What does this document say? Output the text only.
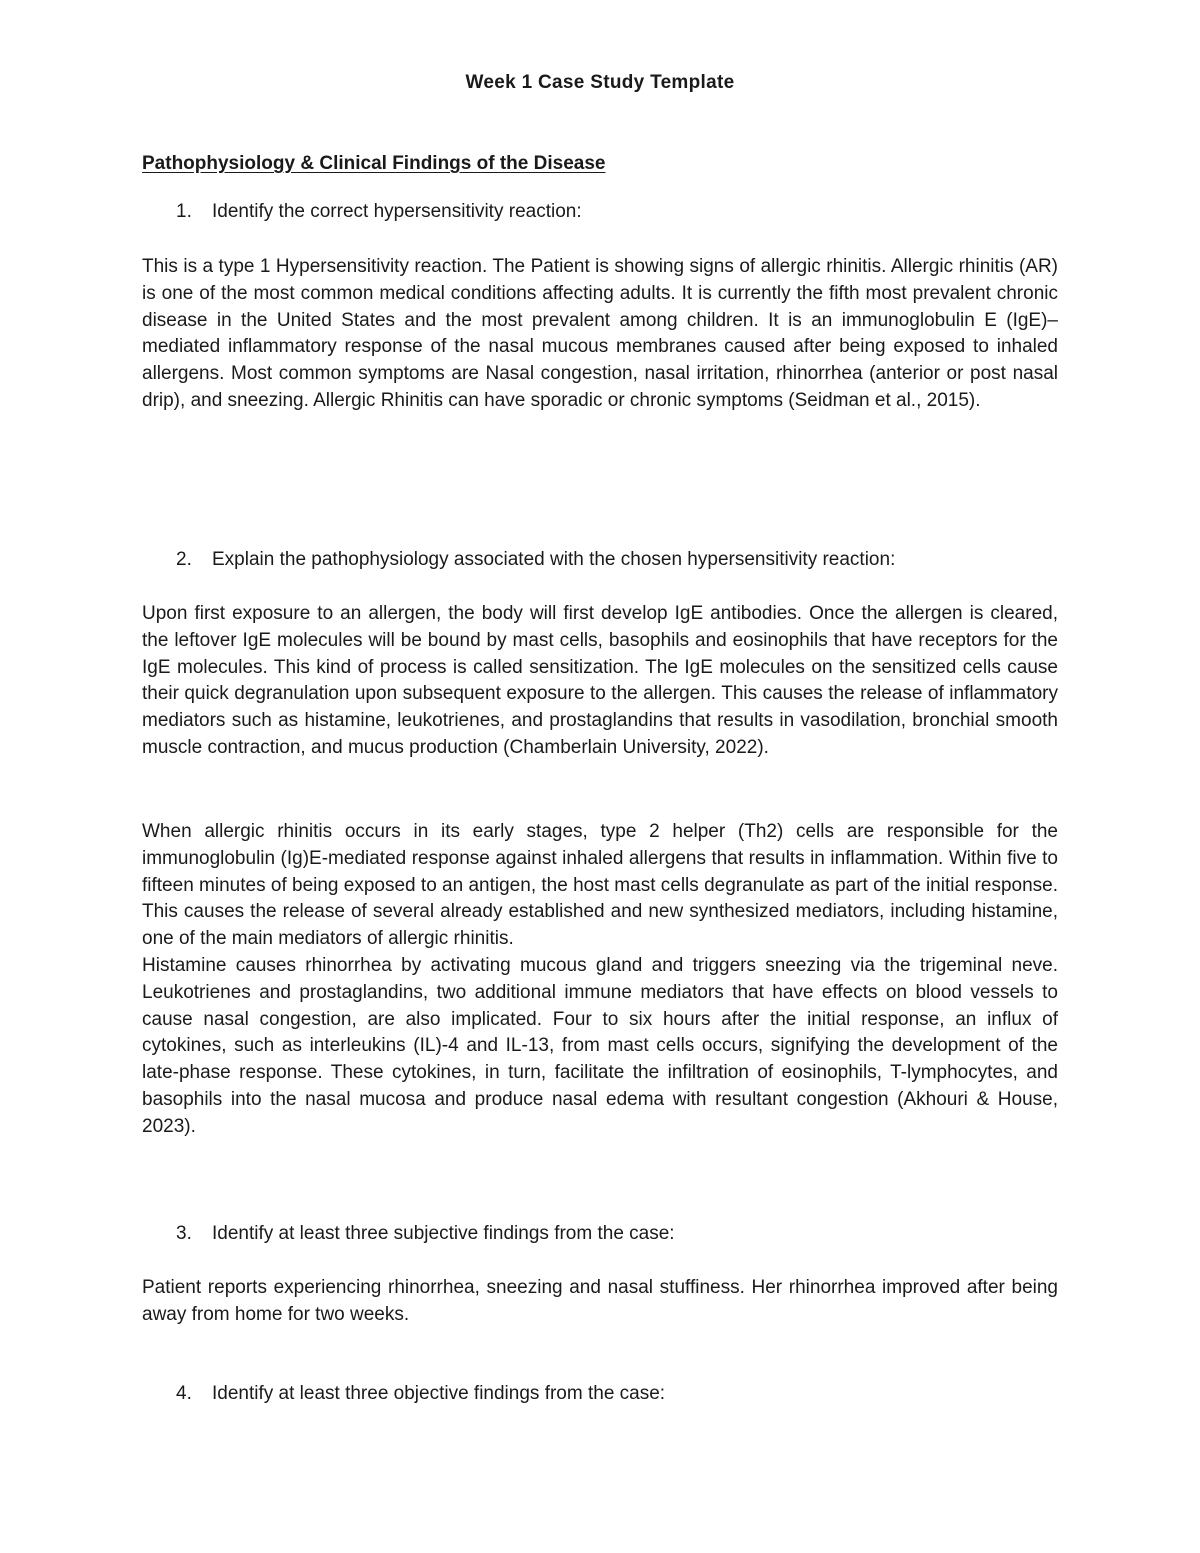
Week 1 Case Study Template
Pathophysiology & Clinical Findings of the Disease

1. Identify the correct hypersensitivity reaction:

This is a type 1 Hypersensitivity reaction. The Patient is showing signs of allergic rhinitis. Allergic rhinitis (AR) is one of the most common medical conditions affecting adults. It is currently the fifth most prevalent chronic disease in the United States and the most prevalent among children. It is an immunoglobulin E (IgE)–mediated inflammatory response of the nasal mucous membranes caused after being exposed to inhaled allergens. Most common symptoms are Nasal congestion, nasal irritation, rhinorrhea (anterior or post nasal drip), and sneezing. Allergic Rhinitis can have sporadic or chronic symptoms (Seidman et al., 2015).

2. Explain the pathophysiology associated with the chosen hypersensitivity reaction:

Upon first exposure to an allergen, the body will first develop IgE antibodies. Once the allergen is cleared, the leftover IgE molecules will be bound by mast cells, basophils and eosinophils that have receptors for the IgE molecules. This kind of process is called sensitization. The IgE molecules on the sensitized cells cause their quick degranulation upon subsequent exposure to the allergen. This causes the release of inflammatory mediators such as histamine, leukotrienes, and prostaglandins that results in vasodilation, bronchial smooth muscle contraction, and mucus production (Chamberlain University, 2022).

When allergic rhinitis occurs in its early stages, type 2 helper (Th2) cells are responsible for the immunoglobulin (Ig)E-mediated response against inhaled allergens that results in inflammation. Within five to fifteen minutes of being exposed to an antigen, the host mast cells degranulate as part of the initial response. This causes the release of several already established and new synthesized mediators, including histamine, one of the main mediators of allergic rhinitis.

Histamine causes rhinorrhea by activating mucous gland and triggers sneezing via the trigeminal neve. Leukotrienes and prostaglandins, two additional immune mediators that have effects on blood vessels to cause nasal congestion, are also implicated. Four to six hours after the initial response, an influx of cytokines, such as interleukins (IL)-4 and IL-13, from mast cells occurs, signifying the development of the late-phase response. These cytokines, in turn, facilitate the infiltration of eosinophils, T-lymphocytes, and basophils into the nasal mucosa and produce nasal edema with resultant congestion (Akhouri & House, 2023).

3. Identify at least three subjective findings from the case:

Patient reports experiencing rhinorrhea, sneezing and nasal stuffiness. Her rhinorrhea improved after being away from home for two weeks.

4. Identify at least three objective findings from the case:
